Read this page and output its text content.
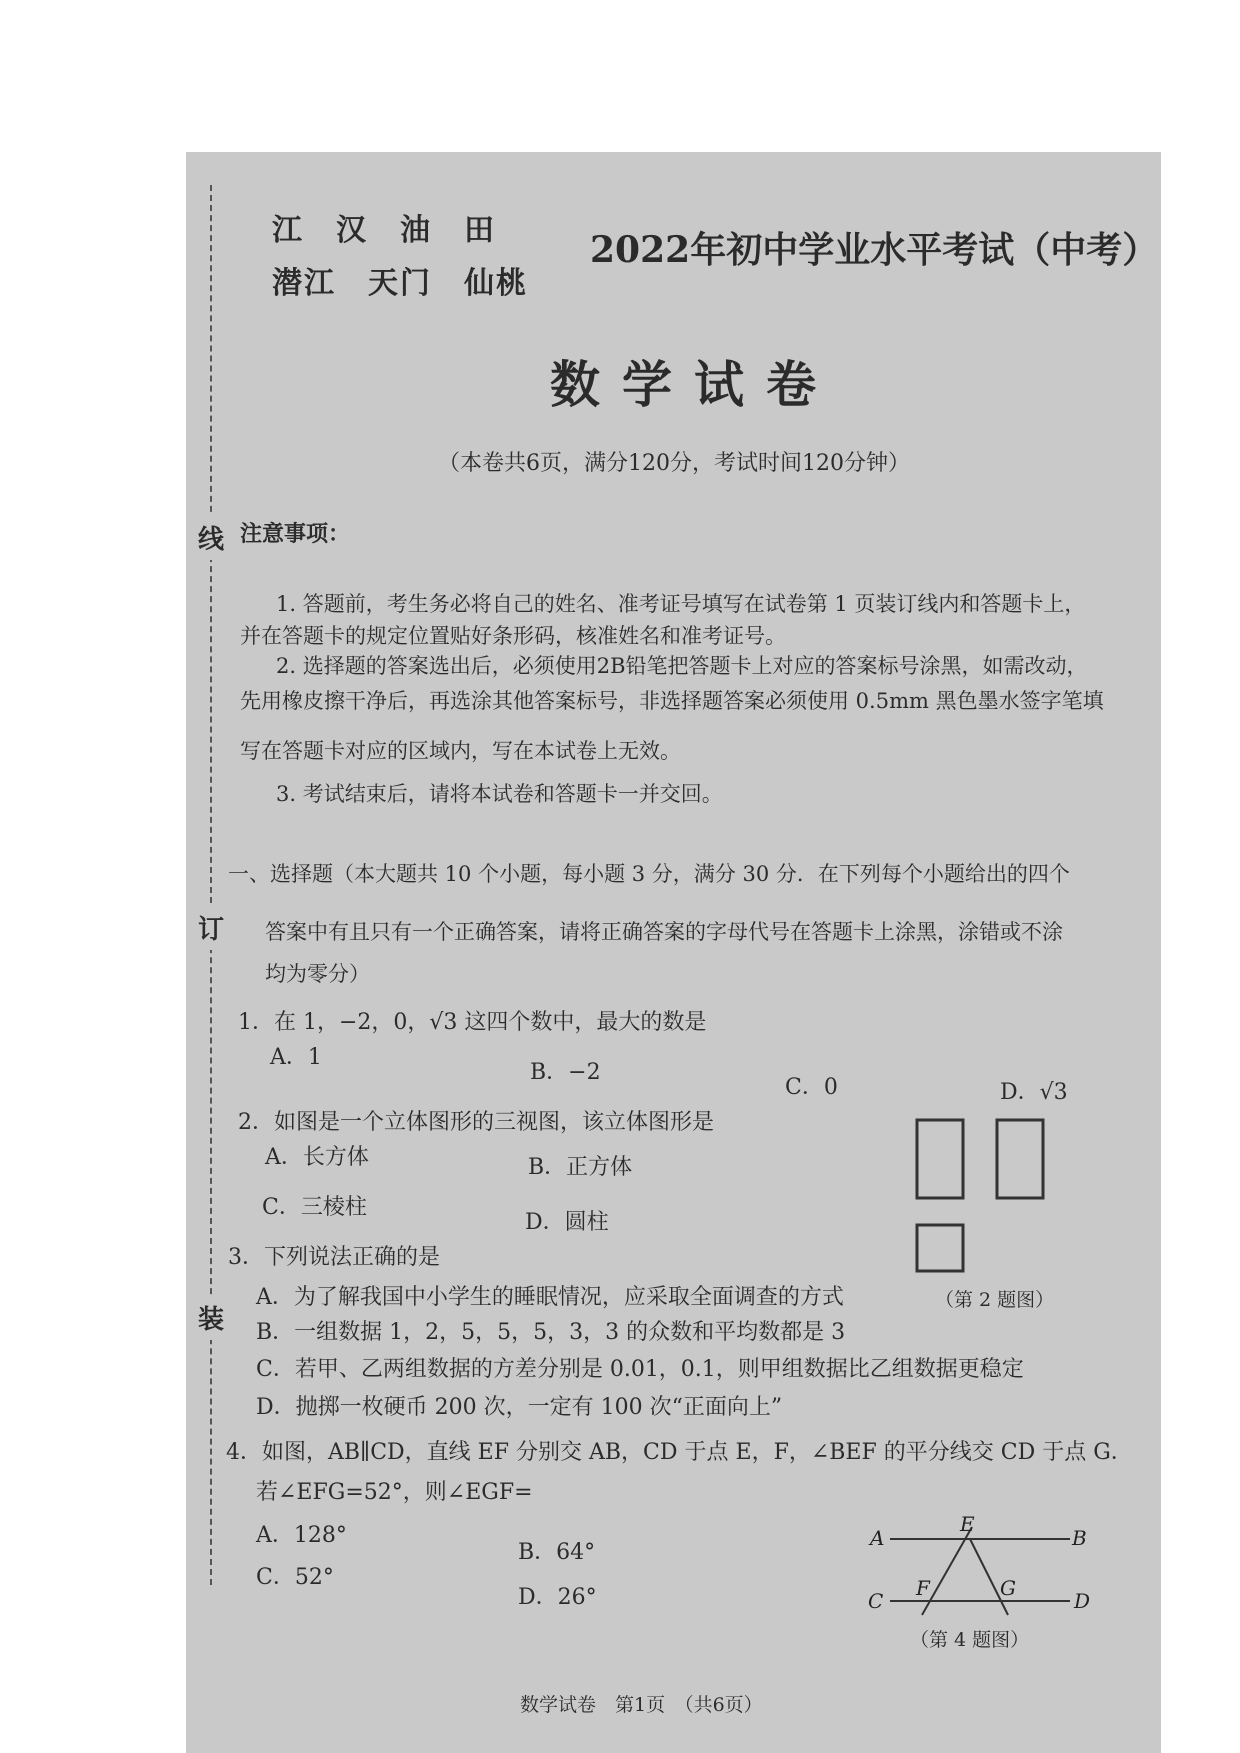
线
订
装
江　汉　油　田
潜江　天门　仙桃
2022年初中学业水平考试（中考）
数学试卷
（本卷共6页，满分120分，考试时间120分钟）
注意事项：
1. 答题前，考生务必将自己的姓名、准考证号填写在试卷第 1 页装订线内和答题卡上，
并在答题卡的规定位置贴好条形码，核准姓名和准考证号。
2. 选择题的答案选出后，必须使用2B铅笔把答题卡上对应的答案标号涂黑，如需改动，
先用橡皮擦干净后，再选涂其他答案标号，非选择题答案必须使用 0.5mm 黑色墨水签字笔填
写在答题卡对应的区域内，写在本试卷上无效。
3. 考试结束后，请将本试卷和答题卡一并交回。
一、选择题（本大题共 10 个小题，每小题 3 分，满分 30 分．在下列每个小题给出的四个
答案中有且只有一个正确答案，请将正确答案的字母代号在答题卡上涂黑，涂错或不涂
均为零分）
1．在 1，−2，0，√3 这四个数中，最大的数是
A．1
B．−2
C．0	D．√3
2．如图是一个立体图形的三视图，该立体图形是
A．长方体	B．正方体
C．三棱柱
D．圆柱
（第 2 题图）
3．下列说法正确的是
A．为了解我国中小学生的睡眠情况，应采取全面调查的方式
B．一组数据 1，2，5，5，5，3，3 的众数和平均数都是 3
C．若甲、乙两组数据的方差分别是 0.01，0.1，则甲组数据比乙组数据更稳定
D．抛掷一枚硬币 200 次，一定有 100 次“正面向上”
4．如图，AB∥CD，直线 EF 分别交 AB，CD 于点 E，F，∠BEF 的平分线交 CD 于点 G．
若∠EFG=52°，则∠EGF=
A．128°
B．64°
C．52°
D．26°
A	B
C	D
E
F	G
（第 4 题图）
数学试卷　第1页　（共6页）
